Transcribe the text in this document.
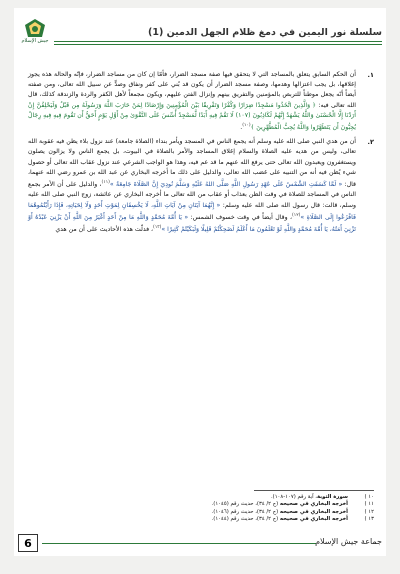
جيش الإسلام
سلسلة نور اليمين في دمغ ظلام الجهل الدمين (1)
١.
أن الحكم السابق يتعلق بالمساجد التي لا يتحقق فيها صفة مسجد الضرار، فأمّا إن كان من مساجد الضرار، فإنّه والحالة هذه يجوز إغلاقها، بل يجب اعتزالها وهدمها، وصفة مسجد الضرار أن يكون قد بُني على كفر ونفاق وصدٍّ عن سبيل الله تعالى، ومن صفته أيضاً أنّه يجعل موطناً للتربص بالمؤمنين والتفريق بينهم وإنزال الفتن عليهم، ويكون مجمعاً لأهل الكفر والردة والزندقة كذلك، قال الله تعالى فيه: ﴿ وَالَّذِينَ اتَّخَذُوا مَسْجِدًا ضِرَارًا وَكُفْرًا وَتَفْرِيقًا بَيْنَ الْمُؤْمِنِينَ وَإِرْصَادًا لِمَنْ حَارَبَ اللَّهَ وَرَسُولَهُ مِن قَبْلُ وَلَيَحْلِفُنَّ إِنْ أَرَدْنَا إِلَّا الْحُسْنَىٰ وَاللَّهُ يَشْهَدُ إِنَّهُمْ لَكَاذِبُونَ (١٠٧) لَا تَقُمْ فِيهِ أَبَدًا لَّمَسْجِدٌ أُسِّسَ عَلَى التَّقْوَىٰ مِنْ أَوَّلِ يَوْمٍ أَحَقُّ أَن تَقُومَ فِيهِ فِيهِ رِجَالٌ يُحِبُّونَ أَن يَتَطَهَّرُوا وَاللَّهُ يُحِبُّ الْمُطَّهِّرِينَ ﴾$^{(١٠)}$.
٢.
أن من هدي النبي صلى الله عليه وسلم أنه يجمع الناس في المسجد ويأمر بنداء (الصلاة جامعة) عند نزول بلاء يظن فيه عقوبة الله تعالى، وليس من هديه عليه الصلاة والسلام إغلاق المساجد والأمر بالصلاة في البيوت، بل يجمع الناس ولا يزالون يصلون ويستغفرون ويعبدون الله تعالى حتى يرفع الله عنهم ما قد عم فيه، وهذا هو الواجب الشرعي عند نزول عقاب الله تعالى أو حصول شيء يُظن فيه أنه من التنبيه على غضب الله تعالى، والدليل على ذلك ما أخرجه البخاري عن عبد الله بن عمرو رضي الله عنهما، قال: « لَمَّا كَسَفَتِ الشَّمْسُ عَلَى عَهْدِ رَسُولِ اللَّهِ صَلَّى اللهُ عَلَيْهِ وَسَلَّمَ نُودِيَ إِنَّ الصَّلَاةَ جَامِعَةٌ »$^{(١١)}$، والدليل على أن الأمر بجمع الناس في المساجد للصلاة في وقت الظن بعذاب أو عقاب من الله تعالى ما أخرجه البخاري عن عائشة، زوج النبي صلى الله عليه وسلم، قالت: قال رسول الله صلى الله عليه وسلم: « إِنَّهُمَا آيَتَانِ مِنْ آيَاتِ اللَّهِ، لَا يَخْسِفَانِ لِمَوْتِ أَحَدٍ وَلَا لِحَيَاتِهِ، فَإِذَا رَأَيْتُمُوهُمَا فَافْزَعُوا إِلَى الصَّلَاةِ »$^{(١٢)}$، وقال أيضاً في وقت خسوف الشمس: « يَا أُمَّةَ مُحَمَّدٍ وَاللَّهِ مَا مِنْ أَحَدٍ أَغْيَرُ مِنَ اللَّهِ أَنْ يَزْنِيَ عَبْدُهُ أَوْ تَزْنِيَ أَمَتُهُ، يَا أُمَّةَ مُحَمَّدٍ وَاللَّهِ لَوْ تَعْلَمُونَ مَا أَعْلَمُ لَضَحِكْتُمْ قَلِيلًا وَلَبَكَيْتُمْ كَثِيرًا »$^{(١٣)}$، فدلّت هذه الأحاديث على أن من هدي
١٠ )
سورة التوبة، آية رقم (١٠٧-١٠٨).
١١ )
أخرجه البخاري في صحيحه (ج ٢/ ٣٤)، حديث رقم (١٠٤٥).
١٢ )
أخرجه البخاري في صحيحه (ج ٢/ ٣٤)، حديث رقم (١٠٤٦).
١٣ )
أخرجه البخاري في صحيحه (ج ٢/ ٣٤)، حديث رقم (١٠٤٤).
6	جماعة جيش الإسلام
